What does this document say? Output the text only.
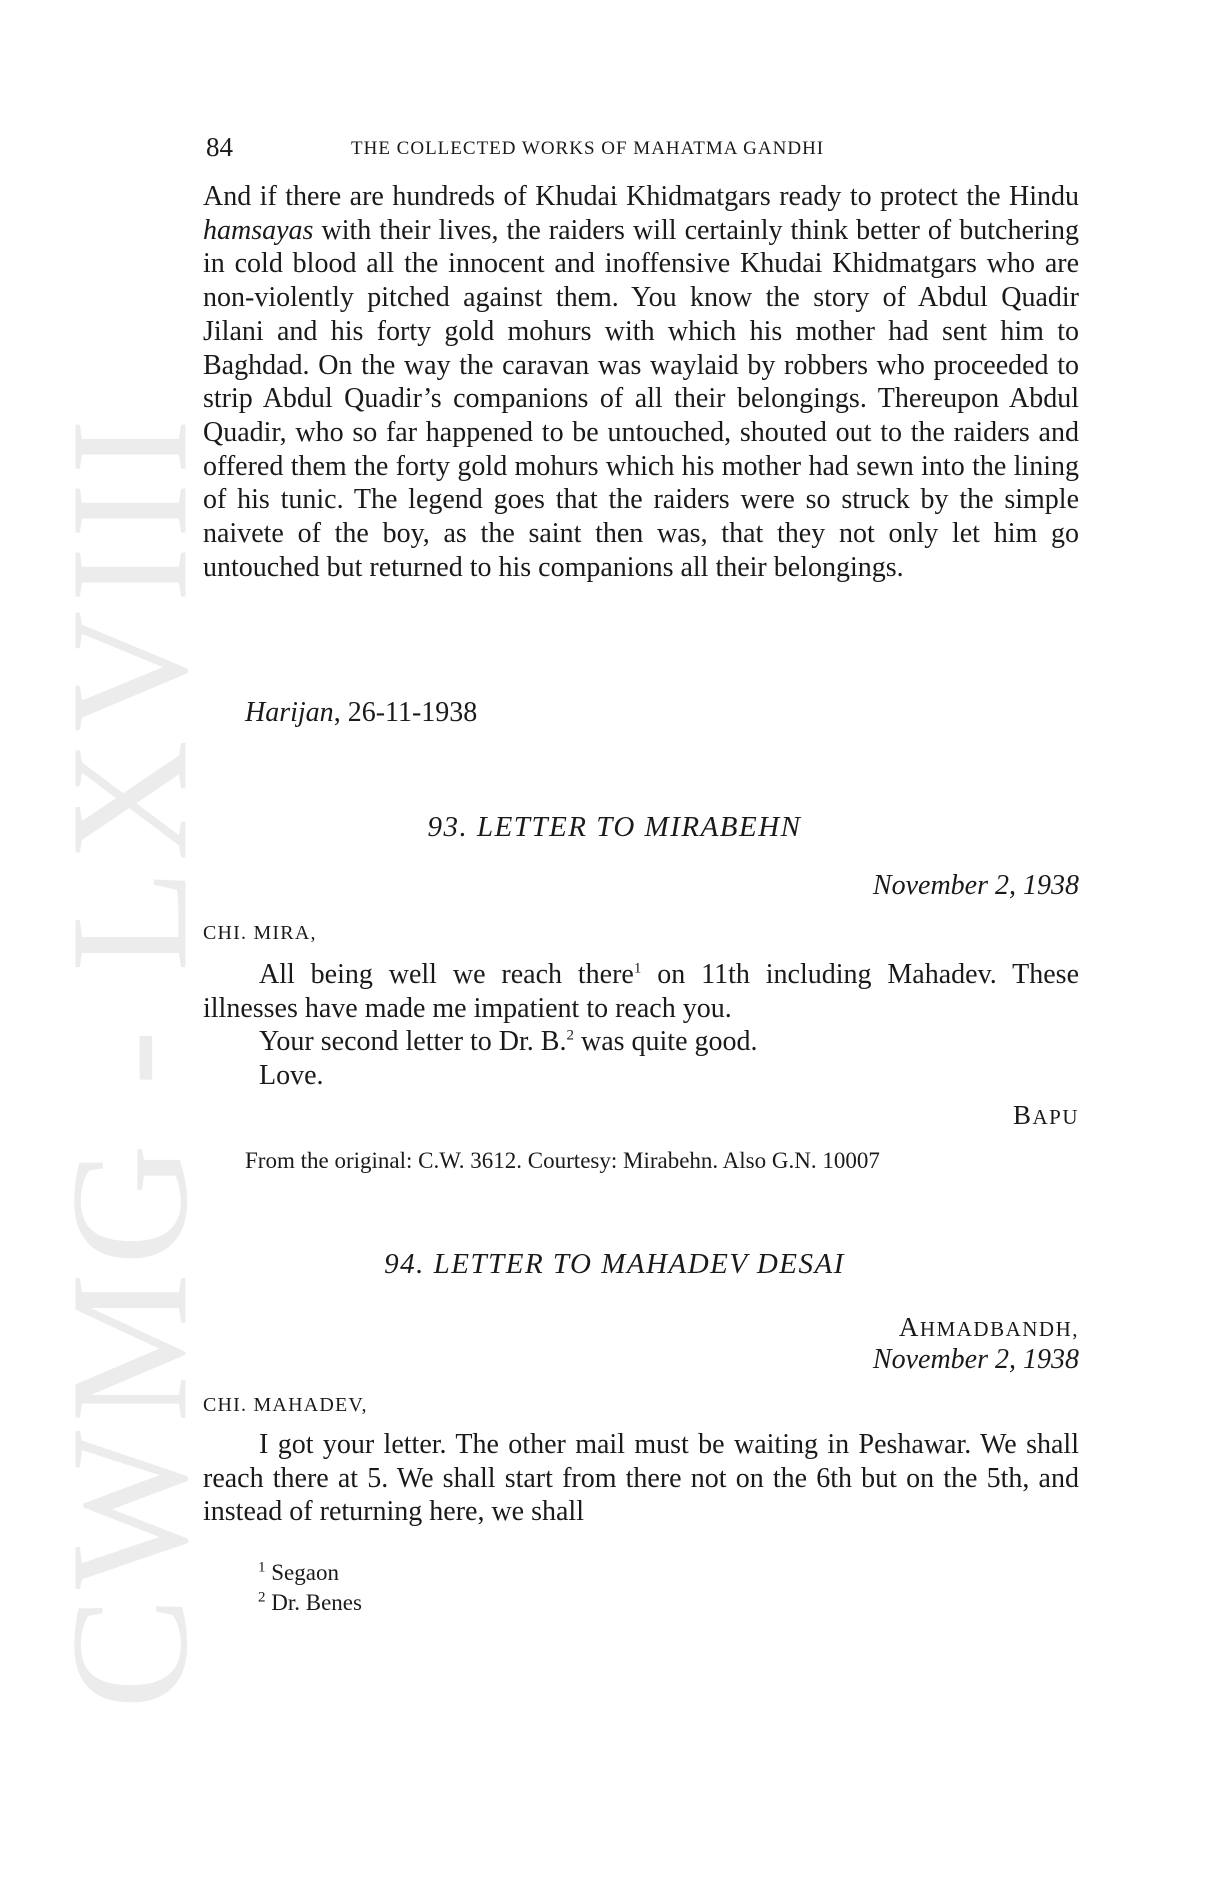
CWMG - LXVIII
84	THE COLLECTED WORKS OF MAHATMA GANDHI

And if there are hundreds of Khudai Khidmatgars ready to protect the Hindu hamsayas with their lives, the raiders will certainly think better of butchering in cold blood all the innocent and inoffensive Khudai Khidmatgars who are non-violently pitched against them. You know the story of Abdul Quadir Jilani and his forty gold mohurs with which his mother had sent him to Baghdad. On the way the caravan was waylaid by robbers who proceeded to strip Abdul Quadir’s companions of all their belongings. Thereupon Abdul Quadir, who so far happened to be untouched, shouted out to the raiders and offered them the forty gold mohurs which his mother had sewn into the lining of his tunic. The legend goes that the raiders were so struck by the simple naivete of the boy, as the saint then was, that they not only let him go untouched but returned to his companions all their belongings.

Harijan, 26-11-1938
93. LETTER TO MIRABEHN
November 2, 1938
CHI. MIRA,

All being well we reach there$^1$ on 11th including Mahadev. These illnesses have made me impatient to reach you.

Your second letter to Dr. B.$^2$ was quite good.

Love.

BAPU
From the original: C.W. 3612. Courtesy: Mirabehn. Also G.N. 10007
94. LETTER TO MAHADEV DESAI
AHMADBANDH,
November 2, 1938
CHI. MAHADEV,

I got your letter. The other mail must be waiting in Peshawar. We shall reach there at 5. We shall start from there not on the 6th but on the 5th, and instead of returning here, we shall

$^1$ Segaon
$^2$ Dr. Benes
